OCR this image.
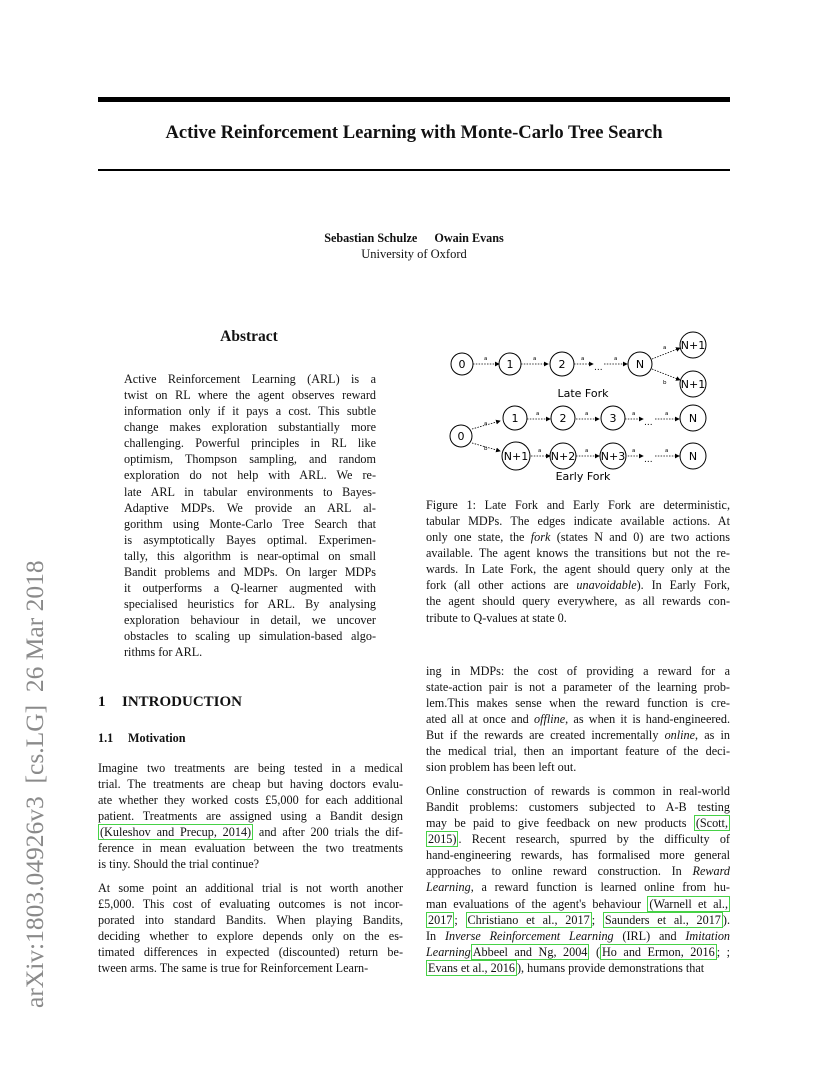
Active Reinforcement Learning with Monte-Carlo Tree Search
Sebastian Schulze Owain Evans
University of Oxford
arXiv:1803.04926v3  [cs.LG]  26 Mar 2018
Abstract
Active Reinforcement Learning (ARL) is a
twist on RL where the agent observes reward
information only if it pays a cost. This subtle
change makes exploration substantially more
challenging. Powerful principles in RL like
optimism, Thompson sampling, and random
exploration do not help with ARL. We re-
late ARL in tabular environments to Bayes-
Adaptive MDPs. We provide an ARL al-
gorithm using Monte-Carlo Tree Search that
is asymptotically Bayes optimal. Experimen-
tally, this algorithm is near-optimal on small
Bandit problems and MDPs. On larger MDPs
it outperforms a Q-learner augmented with
specialised heuristics for ARL. By analysing
exploration behaviour in detail, we uncover
obstacles to scaling up simulation-based algo-
rithms for ARL.
1 INTRODUCTION
1.1 Motivation
Imagine two treatments are being tested in a medical
trial. The treatments are cheap but having doctors evalu-
ate whether they worked costs £5,000 for each additional
patient. Treatments are assigned using a Bandit design
(Kuleshov and Precup, 2014) and after 200 trials the dif-
ference in mean evaluation between the two treatments
is tiny. Should the trial continue?
At some point an additional trial is not worth another
£5,000. This cost of evaluating outcomes is not incor-
porated into standard Bandits. When playing Bandits,
deciding whether to explore depends only on the es-
timated differences in expected (discounted) return be-
tween arms. The same is true for Reinforcement Learn-
a	a	a	a
a
b
a
b
a	a	a	a
a	a	a	a
...
...
...
0	1	2	N
N+1
N+1
Late Fork
0
1	2	3	N
N+1 N+2 N+3	N
Early Fork
Figure 1: Late Fork and Early Fork are deterministic,
tabular MDPs. The edges indicate available actions. At
only one state, the fork (states N and 0) are two actions
available. The agent knows the transitions but not the re-
wards. In Late Fork, the agent should query only at the
fork (all other actions are unavoidable). In Early Fork,
the agent should query everywhere, as all rewards con-
tribute to Q-values at state 0.
ing in MDPs: the cost of providing a reward for a
state-action pair is not a parameter of the learning prob-
lem.This makes sense when the reward function is cre-
ated all at once and offline, as when it is hand-engineered.
But if the rewards are created incrementally online, as in
the medical trial, then an important feature of the deci-
sion problem has been left out.
Online construction of rewards is common in real-world
Bandit problems: customers subjected to A-B testing
may be paid to give feedback on new products (Scott,
2015) . Recent research, spurred by the difficulty of
hand-engineering rewards, has formalised more general
approaches to online reward construction. In Reward
Learning, a reward function is learned online from hu-
man evaluations of the agent's behaviour (Warnell et al.,
2017 ; Christiano et al., 2017 ; Saunders et al., 2017 ).
In Inverse Reinforcement Learning (IRL) and Imitation
Learning Abbeel and Ng, 2004 ( Ho and Ermon, 2016 ; ;
Evans et al., 2016 ), humans provide demonstrations that
